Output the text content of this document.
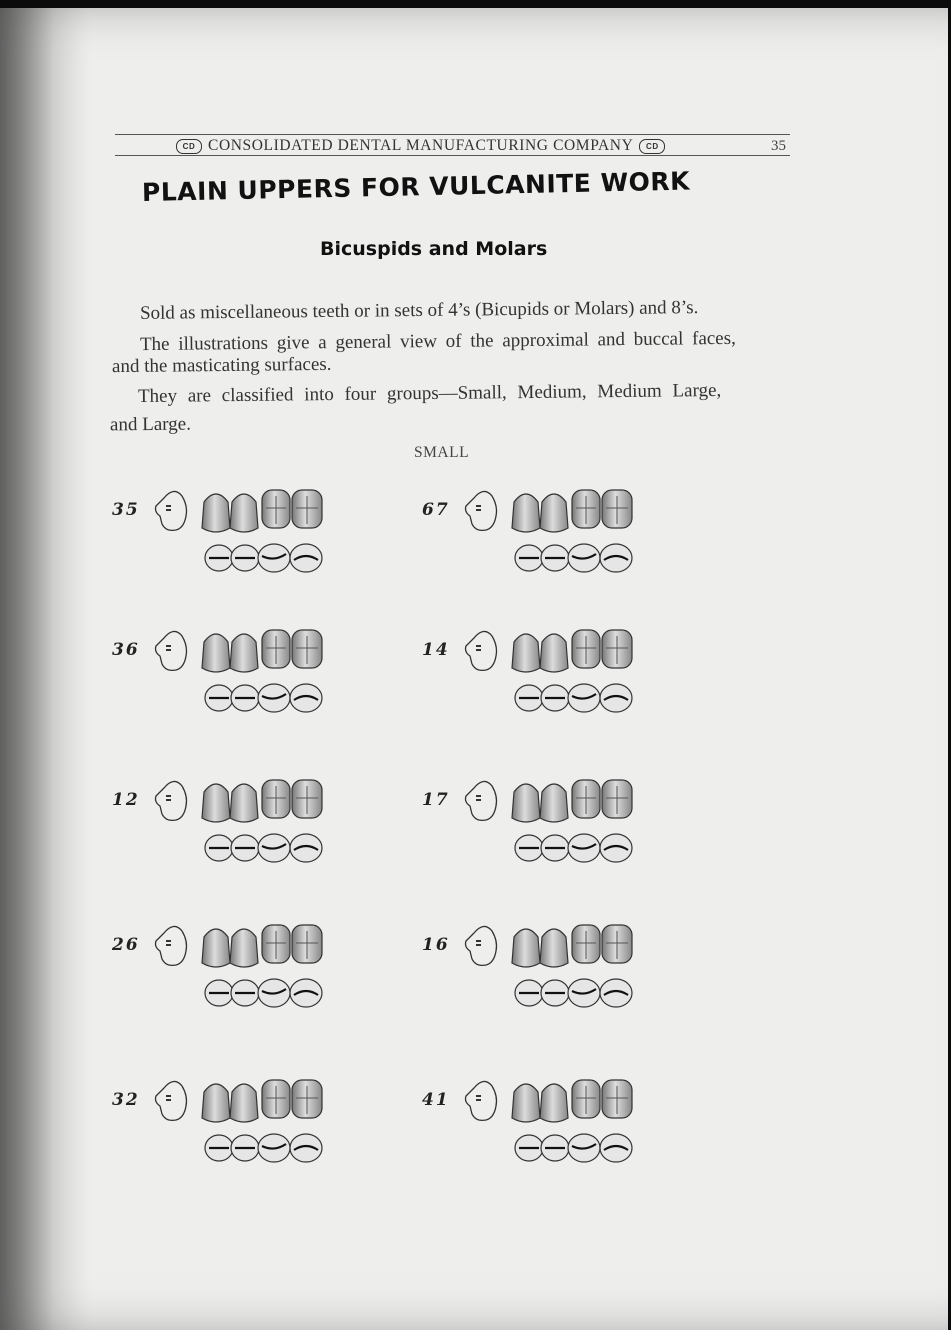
CD CONSOLIDATED DENTAL MANUFACTURING COMPANY CD	35
PLAIN UPPERS FOR VULCANITE WORK
Bicuspids and Molars
Sold as miscellaneous teeth or in sets of 4’s (Bicupids or Molars) and 8’s.
The illustrations give a general view of the approximal and buccal faces,
and the masticating surfaces.
They are classified into four groups—Small, Medium, Medium Large,
and Large.
SMALL
35	67
36	14
12	17
26	16
32	41
